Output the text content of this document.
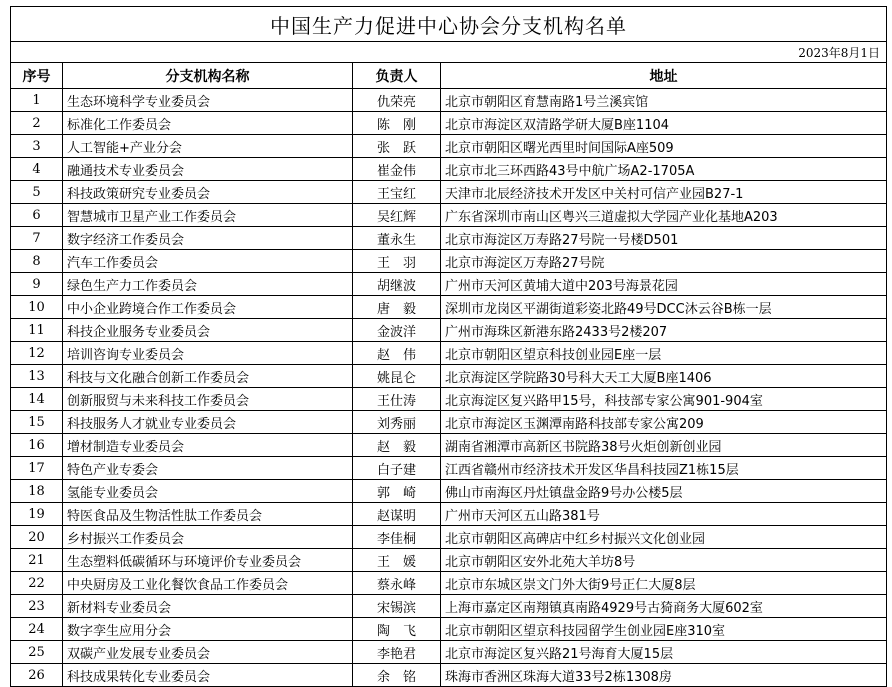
中国生产力促进中心协会分支机构名单			
2023年8月1日			
序号	分支机构名称	负责人	地址
1	生态环境科学专业委员会	仇荣亮	北京市朝阳区育慧南路1号兰溪宾馆
2	标准化工作委员会	陈　刚	北京市海淀区双清路学研大厦B座1104
3	人工智能+产业分会	张　跃	北京市朝阳区曙光西里时间国际A座509
4	融通技术专业委员会	崔金伟	北京市北三环西路43号中航广场A2-1705A
5	科技政策研究专业委员会	王宝红	天津市北辰经济技术开发区中关村可信产业园B27-1
6	智慧城市卫星产业工作委员会	吴红辉	广东省深圳市南山区粤兴三道虚拟大学园产业化基地A203
7	数字经济工作委员会	董永生	北京市海淀区万寿路27号院一号楼D501
8	汽车工作委员会	王　羽	北京市海淀区万寿路27号院
9	绿色生产力工作委员会	胡继波	广州市天河区黄埔大道中203号海景花园
10	中小企业跨境合作工作委员会	唐　毅	深圳市龙岗区平湖街道彩姿北路49号DCC沐云谷B栋一层
11	科技企业服务专业委员会	金波洋	广州市海珠区新港东路2433号2楼207
12	培训咨询专业委员会	赵　伟	北京市朝阳区望京科技创业园E座一层
13	科技与文化融合创新工作委员会	姚昆仑	北京海淀区学院路30号科大天工大厦B座1406
14	创新服贸与未来科技工作委员会	王仕涛	北京海淀区复兴路甲15号，科技部专家公寓901-904室
15	科技服务人才就业专业委员会	刘秀丽	北京市海淀区玉渊潭南路科技部专家公寓209
16	增材制造专业委员会	赵　毅	湖南省湘潭市高新区书院路38号火炬创新创业园
17	特色产业专委会	白子建	江西省赣州市经济技术开发区华昌科技园Z1栋15层
18	氢能专业委员会	郭　崎	佛山市南海区丹灶镇盘金路9号办公楼5层
19	特医食品及生物活性肽工作委员会	赵谋明	广州市天河区五山路381号
20	乡村振兴工作委员会	李佳桐	北京市朝阳区高碑店中红乡村振兴文化创业园
21	生态塑料低碳循环与环境评价专业委员会	王　媛	北京市朝阳区安外北苑大羊坊8号
22	中央厨房及工业化餐饮食品工作委员会	蔡永峰	北京市东城区崇文门外大街9号正仁大厦8层
23	新材料专业委员会	宋锡滨	上海市嘉定区南翔镇真南路4929号古猗商务大厦602室
24	数字孪生应用分会	陶　飞	北京市朝阳区望京科技园留学生创业园E座310室
25	双碳产业发展专业委员会	李艳君	北京市海淀区复兴路21号海育大厦15层
26	科技成果转化专业委员会	余　铭	珠海市香洲区珠海大道33号2栋1308房
